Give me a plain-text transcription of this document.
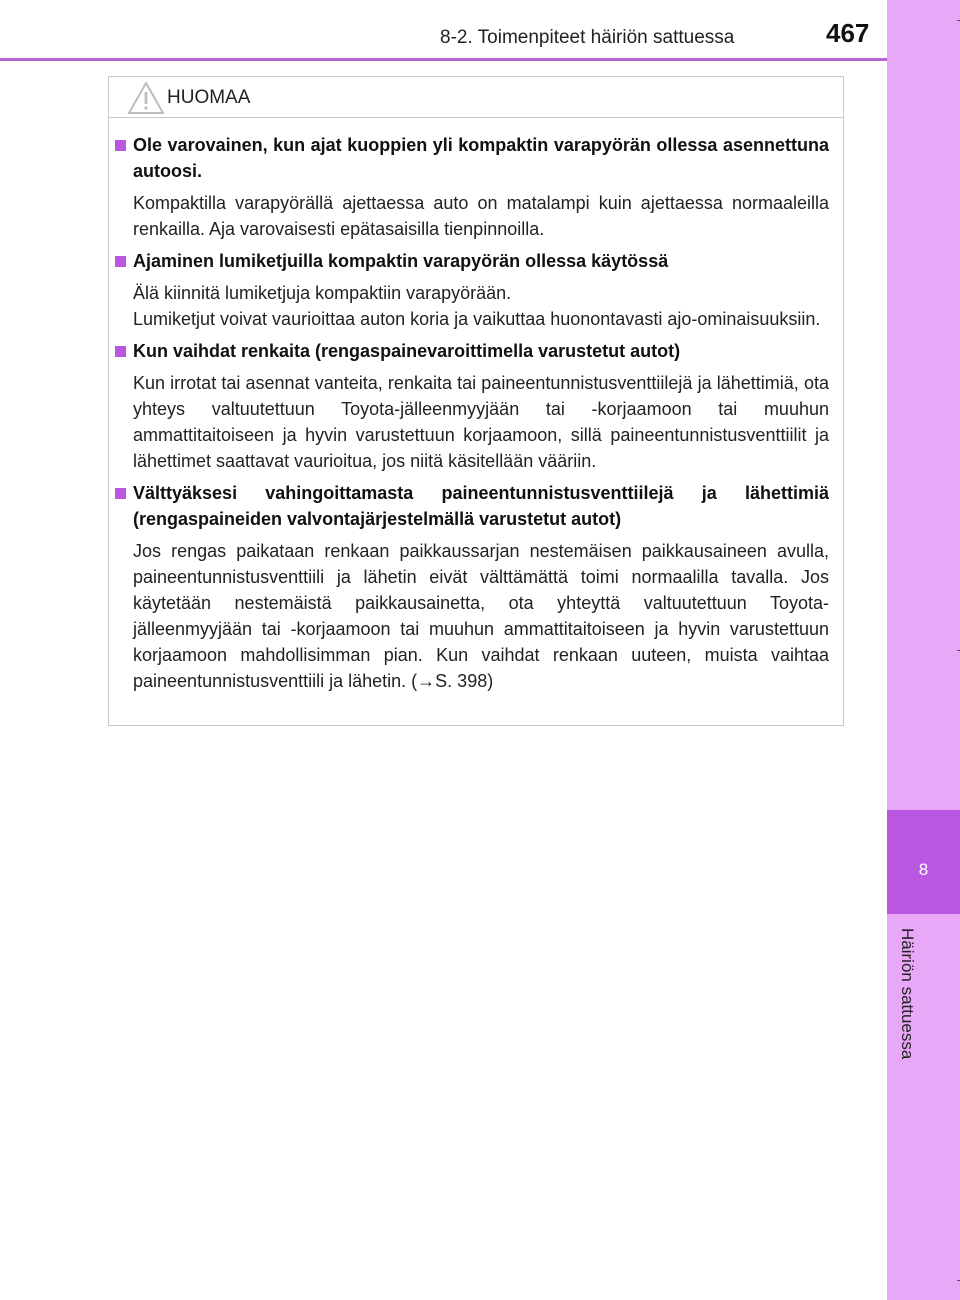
8-2. Toimenpiteet häiriön sattuessa	467
8
Häiriön sattuessa
HUOMAA
Ole varovainen, kun ajat kuoppien yli kompaktin varapyörän ollessa asennettuna autoosi.
Kompaktilla varapyörällä ajettaessa auto on matalampi kuin ajettaessa normaaleilla renkailla. Aja varovaisesti epätasaisilla tienpinnoilla.
Ajaminen lumiketjuilla kompaktin varapyörän ollessa käytössä
Älä kiinnitä lumiketjuja kompaktiin varapyörään.
Lumiketjut voivat vaurioittaa auton koria ja vaikuttaa huonontavasti ajo-ominaisuuksiin.
Kun vaihdat renkaita (rengaspainevaroittimella varustetut autot)
Kun irrotat tai asennat vanteita, renkaita tai paineentunnistusventtiilejä ja lähettimiä, ota yhteys valtuutettuun Toyota-jälleenmyyjään tai -korjaamoon tai muuhun ammattitaitoiseen ja hyvin varustettuun korjaamoon, sillä paineentunnistusventtiilit ja lähettimet saattavat vaurioitua, jos niitä käsitellään vääriin.
Välttyäksesi vahingoittamasta paineentunnistusventtiilejä ja lähettimiä (rengaspaineiden valvontajärjestelmällä varustetut autot)
Jos rengas paikataan renkaan paikkaussarjan nestemäisen paikkausaineen avulla, paineentunnistusventtiili ja lähetin eivät välttämättä toimi normaalilla tavalla. Jos käytetään nestemäistä paikkausainetta, ota yhteyttä valtuutettuun Toyota-jälleenmyyjään tai -korjaamoon tai muuhun ammattitaitoiseen ja hyvin varustettuun korjaamoon mahdollisimman pian. Kun vaihdat renkaan uuteen, muista vaihtaa paineentunnistusventtiili ja lähetin. (→S. 398)
